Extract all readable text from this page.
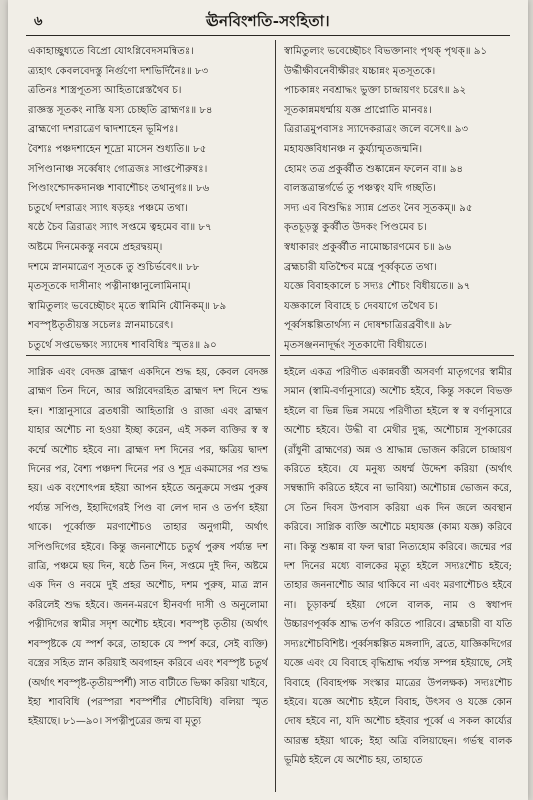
৬	ঊনবিংশতি-সংহিতা।
একাহাচ্ছুধ্যতে বিপ্রো যোঽগ্নিবেদসমন্বিতঃ।
ত্র্যহাৎ কেবলবেদস্তু নির্গুণো দশভির্দিনৈঃ॥ ৮৩
ত্রতিনঃ শাস্ত্রপূতস্য আহিতাগ্নেস্তথৈব চ।
রাজ্ঞস্ত সূতকং নাস্তি যস্য চেচ্ছতি ব্রাহ্মণঃ॥ ৮৪
ব্রাহ্মণো দশরাত্রেণ দ্বাদশাহেন ভূমিপঃ।
বৈশ্যঃ পঞ্চদশাহেন শূদ্রো মাসেন শুধ্যতি॥ ৮৫
সপিণ্ডানাঞ্চ সর্ব্বেষাং গোত্রজঃ সাপ্তপৌরুষঃ।
পিণ্ডাংশ্চোদকদানঞ্চ শাবাশৌচং তথানুগঃ॥ ৮৬
চতুর্থে দশরাত্রং স্যাৎ ষড়হঃ পঞ্চমে তথা।
ষষ্ঠে চৈব ত্রিরাত্রং স্যাৎ সপ্তমে ত্বহমেব বা॥ ৮৭
অষ্টমে দিনমেকস্তু নবমে প্রহরদ্বয়ম্।
দশমে স্নানমাত্রেণ সূতকে তু শুচির্ভবেৎ॥ ৮৮
মৃতসূতকে দাসীনাং পত্নীনাঞ্চানুলোমিনাম্।
স্বামিতুল্যং ভবেচ্ছৌচং মৃতে স্বামিনি যৌনিকম্॥ ৮৯
শবস্পৃষ্টতৃতীয়স্ত সচেলঃ স্নানমাচরেৎ।
চতুর্থে সপ্তভেক্ষ্যং স্যাদেষ শাববিধিঃ স্মৃতঃ॥ ৯০
স্বামিতুল্যং ভবেচ্ছৌচং বিভক্তানাং পৃথক্ পৃথক্॥ ৯১
উর্দ্ধীক্ষীবনেবীক্ষীরং যচ্চান্নং মৃতসূতকে।
পাচকান্নং নবশ্রাদ্ধং ভুক্তা চান্দ্রায়ণং চরেৎ॥ ৯২
সূতকান্নমধর্ম্মায় যজ্ঞ প্রাপ্নোতি মানবঃ।
ত্রিরাত্রমুপবাসঃ স্যাদেকরাত্রং জলে বসেৎ॥ ৯৩
মহাযজ্ঞবিধানঞ্চ ন কুর্য্যান্মৃতজন্মনি।
হোমং তত্র প্রকুর্ব্বীত শুষ্কান্নেন ফলেন বা॥ ৯৪
বালস্তত্রান্তর্গর্ভে তু পঞ্চত্বং যদি গচ্ছতি।
সদ্য এব বিশুদ্ধিঃ স্যান্ন প্রেতং নৈব সূতকম্॥ ৯৫
কৃতচূড়স্তু কুর্ব্বীত উদকং পিণ্ডমেব চ।
স্বধাকারং প্রকুর্ব্বীত নামোচ্চারণমেব চ॥ ৯৬
ব্রহ্মচারী যতিশ্চৈব মন্ত্রে পূর্ব্বকৃতে তথা।
যজ্ঞে বিবাহকালে চ সদ্যঃ শৌচং বিধীয়তে॥ ৯৭
যজ্ঞকালে বিবাহে চ দেবযাগে তথৈব চ।
পূর্ব্বসঙ্কল্পিতার্থস্য ন দোষশ্চাত্রিরব্রবীৎ॥ ৯৮
মৃতসঞ্জননাদূর্দ্ধং সূতকাদৌ বিধীয়তে।

সাগ্নিক এবং বেদজ্ঞ ব্রাহ্মণ একদিনে শুদ্ধ হয়, কেবল বেদজ্ঞ ব্রাহ্মণ তিন দিনে, আর অগ্নিবেদরহিত ব্রাহ্মণ দশ দিনে শুদ্ধ হন। শাস্ত্রানুসারে ব্রতধারী আহিতাগ্নি ও রাজা এবং ব্রাহ্মণ যাহার অশৌচ না হওয়া ইচ্ছা করেন, এই সকল ব্যক্তির স্ব স্ব কর্ম্মে অশৌচ হইবে না। ব্রাহ্মণ দশ দিনের পর, ক্ষত্রিয় দ্বাদশ দিনের পর, বৈশ্য পঞ্চদশ দিনের পর ও শূদ্র একমাসের পর শুদ্ধ হয়। এক বংশোৎপন্ন হইয়া আপন হইতে অনুক্রমে সপ্তম পুরুষ পর্য্যন্ত সপিণ্ড, ইহাদিগেরই পিণ্ড বা লেপ দান ও তর্পণ হইয়া থাকে। পূর্ব্বোক্ত মরণাশৌচও তাহার অনুগামী, অর্থাৎ সপিণ্ডদিগের হইবে। কিন্তু জননাশৌচে চতুর্থ পুরুষ পর্য্যন্ত দশ রাত্রি, পঞ্চমে ছয় দিন, ষষ্ঠে তিন দিন, সপ্তমে দুই দিন, অষ্টমে এক দিন ও নবমে দুই প্রহর অশৌচ, দশম পুরুষ, মাত্র স্নান করিলেই শুদ্ধ হইবে। জনন-মরণে হীনবর্ণা দাসী ও অনুলোমা পত্নীদিগের স্বামীর সদৃশ অশৌচ হইবে। শবস্পৃষ্ট তৃতীয় (অর্থাৎ শবস্পৃষ্টকে যে স্পর্শ করে, তাহাকে যে স্পর্শ করে, সেই ব্যক্তি) বস্ত্রের সহিত স্নান করিয়াই অবগাহন করিবে এবং শবস্পৃষ্ট চতুর্থ (অর্থাৎ শবস্পৃষ্ট-তৃতীয়স্পর্শী) সাত বাটীতে ভিক্ষা করিয়া খাইবে, ইহা শাববিধি (পরস্পরা শবস্পর্শীর শৌচবিধি) বলিয়া স্মৃত হইয়াছে। ৮১—৯০। সপত্নীপুত্রের জন্ম বা মৃত্যু

হইলে একত্র পরিণীত একান্নবর্ত্তী অসবর্ণা মাতৃগণের স্বামীর সমান (স্বামি-বর্ণানুসারে) অশৌচ হইবে, কিন্তু সকলে বিভক্ত হইলে বা ভিন্ন ভিন্ন সময়ে পরিণীতা হইলে স্ব স্ব বর্ণানুসারে অশৌচ হইবে। উদ্ধী বা মেথীর দুগ্ধ, অশৌচান্ন সূপকারের (রাঁধুনী ব্রাহ্মণের) অন্ন ও শ্রাদ্ধান্ন ভোজন করিলে চান্দ্রায়ণ করিতে হইবে। যে মনুষ্য অধর্ম্ম উদ্দেশ করিয়া (অর্থাৎ সম্বন্ধাদি করিতে হইবে না ভাবিয়া) অশৌচান্ন ভোজন করে, সে তিন দিবস উপবাস করিয়া এক দিন জলে অবস্থান করিবে। সাগ্নিক ব্যক্তি অশৌচে মহাযজ্ঞ (কাম্য যজ্ঞ) করিবে না। কিন্তু শুষ্কান্ন বা ফল দ্বারা নিত্যহোম করিবে। জন্মের পর দশ দিনের মধ্যে বালকের মৃত্যু হইলে সদ্যঃশৌচ হইবে; তাহার জননাশৌচ আর থাকিবে না এবং মরণাশৌচও হইবে না। চূড়াকর্ম্ম হইয়া গেলে বালক, নাম ও স্বধাপদ উচ্চারণপূর্ব্বক শ্রাদ্ধ তর্পণ করিতে পারিবে। ব্রহ্মচারী বা যতি সদ্যঃশৌচবিশিষ্ট। পূর্ব্বসঙ্কল্পিত মঙ্গলাদি, ব্রতে, যাজ্ঞিকদিগের যজ্ঞে এবং যে বিবাহে বৃদ্ধিশ্রাদ্ধ পর্য্যন্ত সম্পন্ন হইয়াছে, সেই বিবাহে (বিবাহপক্ষ সংস্কার মাত্রের উপলক্ষক) সদ্যঃশৌচ হইবে। যজ্ঞে অশৌচ হইলে বিবাহ, উৎসব ও যজ্ঞে কোন দোষ হইবে না, যদি অশৌচ হইবার পূর্ব্বে এ সকল কার্য্যের আরম্ভ হইয়া থাকে; ইহা অত্রি বলিয়াছেন। গর্ভস্থ বালক ভূমিষ্ঠ হইলে যে অশৌচ হয়, তাহাতে
